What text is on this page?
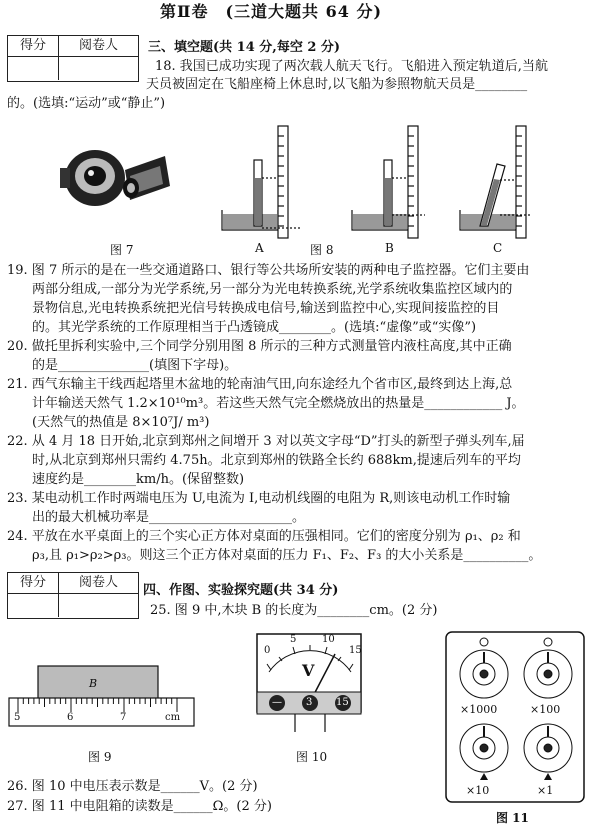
第Ⅱ卷　(三道大题共 64 分)
得分	阅卷人	三、填空题(共 14 分,每空 2 分)
18. 我国已成功实现了两次载人航天飞行。飞船进入预定轨道后,当航
天员被固定在飞船座椅上休息时,以飞船为参照物航天员是________
的。(选填:“运动”或“静止”)
图 7	A	图 8	B	C
19. 图 7 所示的是在一些交通道路口、银行等公共场所安装的两种电子监控器。它们主要由
两部分组成,一部分为光学系统,另一部分为光电转换系统,光学系统收集监控区域内的
景物信息,光电转换系统把光信号转换成电信号,输送到监控中心,实现间接监控的目
的。其光学系统的工作原理相当于凸透镜成________。(选填:“虚像”或“实像”)
20. 做托里拆利实验中,三个同学分别用图 8 所示的三种方式测量管内液柱高度,其中正确
的是______________(填图下字母)。
21. 西气东输主干线西起塔里木盆地的轮南油气田,向东途经九个省市区,最终到达上海,总
计年输送天然气 1.2×10¹⁰m³。若这些天然气完全燃烧放出的热量是____________ J。
(天然气的热值是 8×10⁷J/ m³)
22. 从 4 月 18 日开始,北京到郑州之间增开 3 对以英文字母“D”打头的新型子弹头列车,届
时,从北京到郑州只需约 4.75h。北京到郑州的铁路全长约 688km,提速后列车的平均
速度约是________km/h。(保留整数)
23. 某电动机工作时两端电压为 U,电流为 I,电动机线圈的电阻为 R,则该电动机工作时输
出的最大机械功率是______________________。
24. 平放在水平桌面上的三个实心正方体对桌面的压强相同。它们的密度分别为 ρ₁、ρ₂ 和
ρ₃,且 ρ₁>ρ₂>ρ₃。则这三个正方体对桌面的压力 F₁、F₂、F₃ 的大小关系是__________。
得分	阅卷人
四、作图、实验探究题(共 34 分)
25. 图 9 中,木块 B 的长度为________cm。(2 分)
B
5	6	7	cm
图 9
0
5	10
15
V
— 3 15
图 10
×1000	×100
×10	×1
图 11
26. 图 10 中电压表示数是______V。(2 分)
27. 图 11 中电阻箱的读数是______Ω。(2 分)
